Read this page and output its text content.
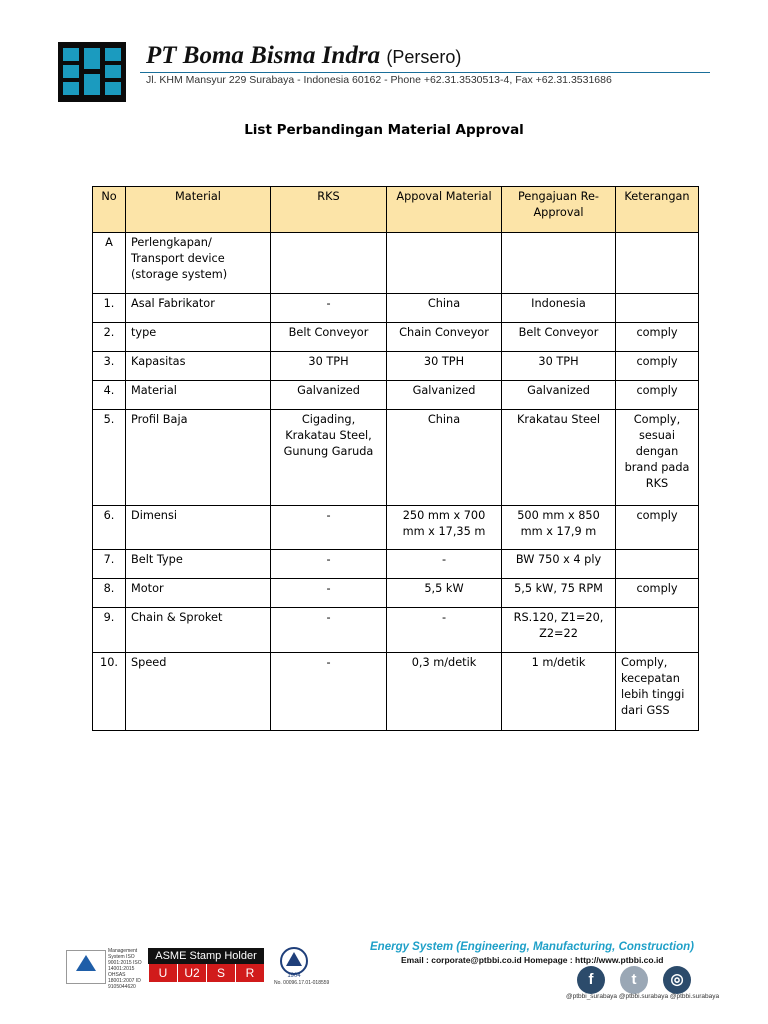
PT Boma Bisma Indra (Persero)
Jl. KHM Mansyur 229 Surabaya - Indonesia 60162 - Phone +62.31.3530513-4, Fax +62.31.3531686
List Perbandingan Material Approval
No	Material	RKS	Appoval Material	Pengajuan Re-Approval	Keterangan
A	Perlengkapan/ Transport device (storage system)				
1.	Asal Fabrikator	-	China	Indonesia	
2.	type	Belt Conveyor	Chain Conveyor	Belt Conveyor	comply
3.	Kapasitas	30 TPH	30 TPH	30 TPH	comply
4.	Material	Galvanized	Galvanized	Galvanized	comply
5.	Profil Baja	Cigading, Krakatau Steel, Gunung Garuda	China	Krakatau Steel	Comply, sesuai dengan brand pada RKS
6.	Dimensi	-	250 mm x 700 mm x 17,35 m	500 mm x 850 mm x 17,9 m	comply
7.	Belt Type	-	-	BW 750 x 4 ply	
8.	Motor	-	5,5 kW	5,5 kW, 75 RPM	comply
9.	Chain & Sproket	-	-	RS.120, Z1=20, Z2=22	
10.	Speed	-	0,3 m/detik	1 m/detik	Comply, kecepatan lebih tinggi dari GSS
Management System ISO 9001:2015 ISO 14001:2015 OHSAS 18001:2007 ID 9105044620
ASME Stamp Holder
U	U2	S	R	1904
No. 00096.17.01-018559
Energy System (Engineering, Manufacturing, Construction)
Email : corporate@ptbbi.co.id Homepage : http://www.ptbbi.co.id
f	t	◎
@ptbbi_surabaya @ptbbi.surabaya @ptbbi.surabaya
